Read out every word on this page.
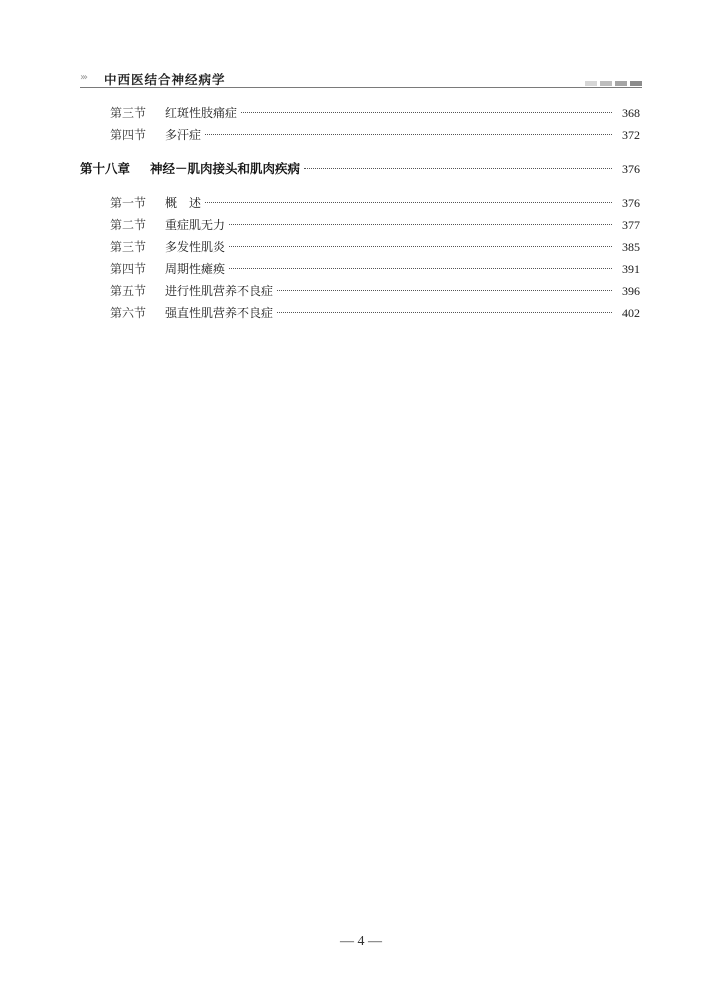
››› 中西医结合神经病学
第三节	红斑性肢痛症	368
第四节	多汗症	372
第十八章	神经－肌肉接头和肌肉疾病	376
第一节	概　述	376
第二节	重症肌无力	377
第三节	多发性肌炎	385
第四节	周期性瘫痪	391
第五节	进行性肌营养不良症	396
第六节	强直性肌营养不良症	402
— 4 —
